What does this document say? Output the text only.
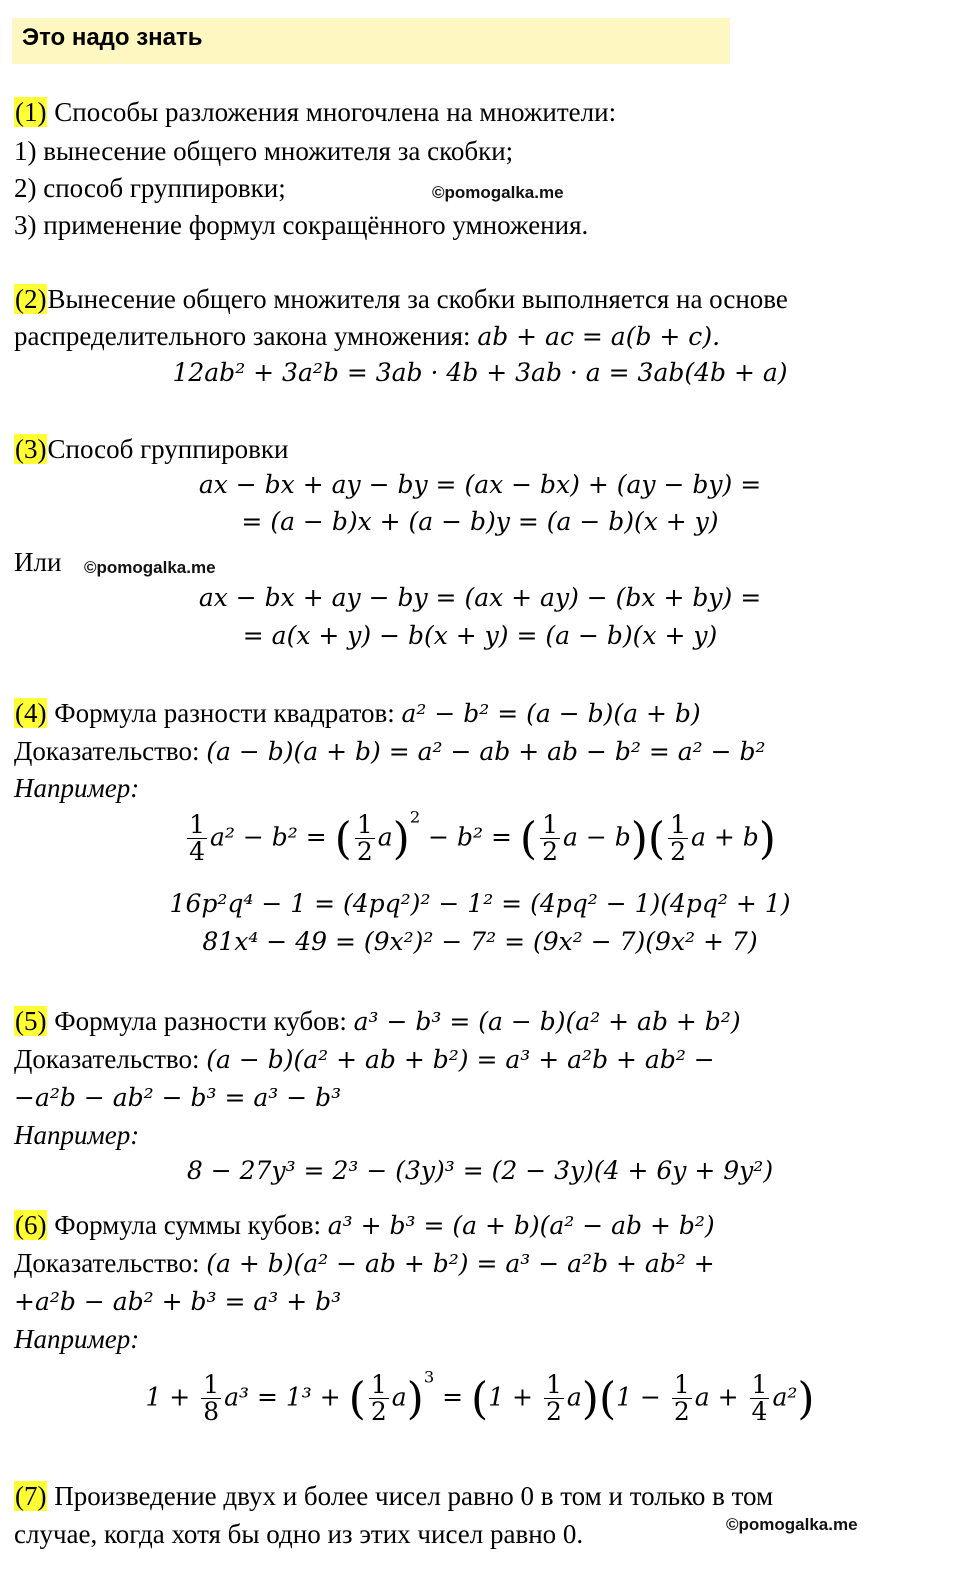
Это надо знать
(1) Способы разложения многочлена на множители:
1) вынесение общего множителя за скобки;
2) способ группировки;	©pomogalka.me
3) применение формул сокращённого умножения.
(2)Вынесение общего множителя за скобки выполняется на основе
распределительного закона умножения: ab + ac = a(b + c).
12ab² + 3a²b = 3ab · 4b + 3ab · a = 3ab(4b + a)
(3)Способ группировки
ax − bx + ay − by = (ax − bx) + (ay − by) =
= (a − b)x + (a − b)y = (a − b)(x + y)
Или ©pomogalka.me
ax − bx + ay − by = (ax + ay) − (bx + by) =
= a(x + y) − b(x + y) = (a − b)(x + y)
(4) Формула разности квадратов: a² − b² = (a − b)(a + b)
Доказательство: (a − b)(a + b) = a² − ab + ab − b² = a² − b²
Например:
$\frac{1}{4} a^2 - b^2$ = ( $\frac{1}{2} a)^2 - b^2$ = ( $\frac{1}{2}$ $a - b)( \frac{1}{2}$ a + b)
16p²q⁴ − 1 = (4pq²)² − 1² = (4pq² − 1)(4pq² + 1)
81x⁴ − 49 = (9x²)² − 7² = (9x² − 7)(9x² + 7)
(5) Формула разности кубов: a³ − b³ = (a − b)(a² + ab + b²)
Доказательство: (a − b)(a² + ab + b²) = a³ + a²b + ab² −
−a²b − ab² − b³ = a³ − b³
Например:
8 − 27y³ = 2³ − (3y)³ = (2 − 3y)(4 + 6y + 9y²)
(6) Формула суммы кубов: a³ + b³ = (a + b)(a² − ab + b²)
Доказательство: (a + b)(a² − ab + b²) = a³ − a²b + ab² +
+a²b − ab² + b³ = a³ + b³
Например:
$1 + \frac{1}{8} a^3 = 1^3$ + ( $\frac{1}{2} a)^3 = (1 + \frac{1}{2} a)(1 - \frac{1}{2}$ $a + \frac{1}{4} a^2$)
(7) Произведение двух и более чисел равно 0 в том и только в том
случае, когда хотя бы одно из этих чисел равно 0.	©pomogalka.me
